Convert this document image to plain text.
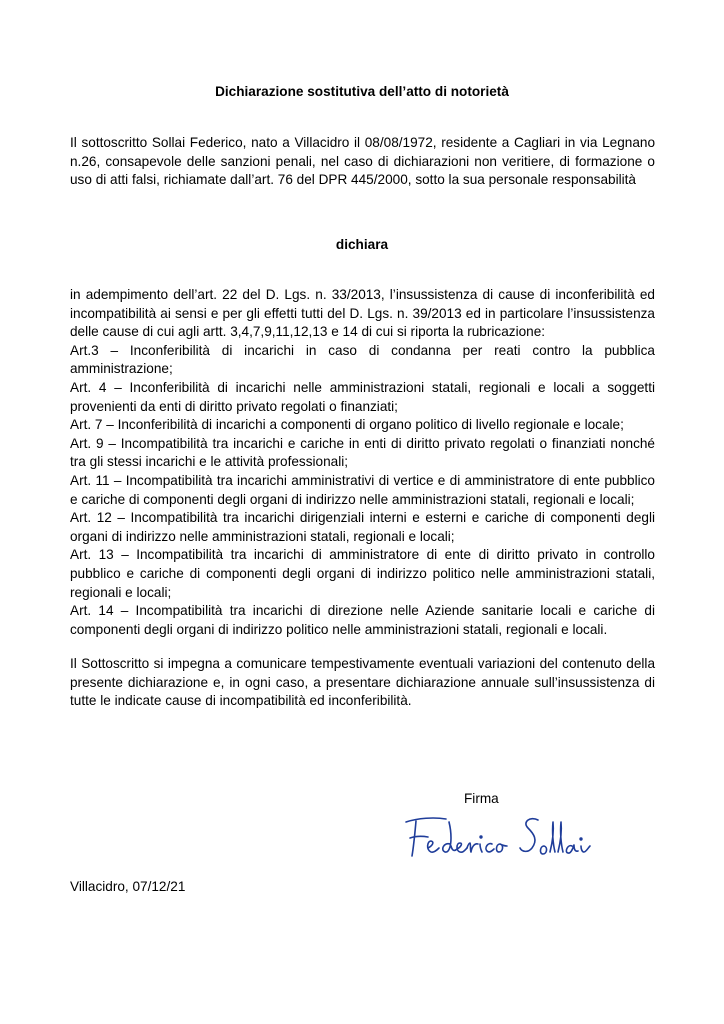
Dichiarazione sostitutiva dell’atto di notorietà
Il sottoscritto Sollai Federico, nato a Villacidro il 08/08/1972, residente a Cagliari in via Legnano n.26, consapevole delle sanzioni penali, nel caso di dichiarazioni non veritiere, di formazione o uso di atti falsi, richiamate dall’art. 76 del DPR 445/2000, sotto la sua personale responsabilità
dichiara

in adempimento dell’art. 22 del D. Lgs. n. 33/2013, l’insussistenza di cause di inconferibilità ed incompatibilità ai sensi e per gli effetti tutti del D. Lgs. n. 39/2013 ed in particolare l’insussistenza delle cause di cui agli artt. 3,4,7,9,11,12,13 e 14 di cui si riporta la rubricazione:

Art.3 – Inconferibilità di incarichi in caso di condanna per reati contro la pubblica amministrazione;

Art. 4 – Inconferibilità di incarichi nelle amministrazioni statali, regionali e locali a soggetti provenienti da enti di diritto privato regolati o finanziati;

Art. 7 – Inconferibilità di incarichi a componenti di organo politico di livello regionale e locale;

Art. 9 – Incompatibilità tra incarichi e cariche in enti di diritto privato regolati o finanziati nonché tra gli stessi incarichi e le attività professionali;

Art. 11 – Incompatibilità tra incarichi amministrativi di vertice e di amministratore di ente pubblico e cariche di componenti degli organi di indirizzo nelle amministrazioni statali, regionali e locali;

Art. 12 – Incompatibilità tra incarichi dirigenziali interni e esterni e cariche di componenti degli organi di indirizzo nelle amministrazioni statali, regionali e locali;

Art. 13 – Incompatibilità tra incarichi di amministratore di ente di diritto privato in controllo pubblico e cariche di componenti degli organi di indirizzo politico nelle amministrazioni statali, regionali e locali;

Art. 14 – Incompatibilità tra incarichi di direzione nelle Aziende sanitarie locali e cariche di componenti degli organi di indirizzo politico nelle amministrazioni statali, regionali e locali.

Il Sottoscritto si impegna a comunicare tempestivamente eventuali variazioni del contenuto della presente dichiarazione e, in ogni caso, a presentare dichiarazione annuale sull’insussistenza di tutte le indicate cause di incompatibilità ed inconferibilità.
Firma
Villacidro, 07/12/21
